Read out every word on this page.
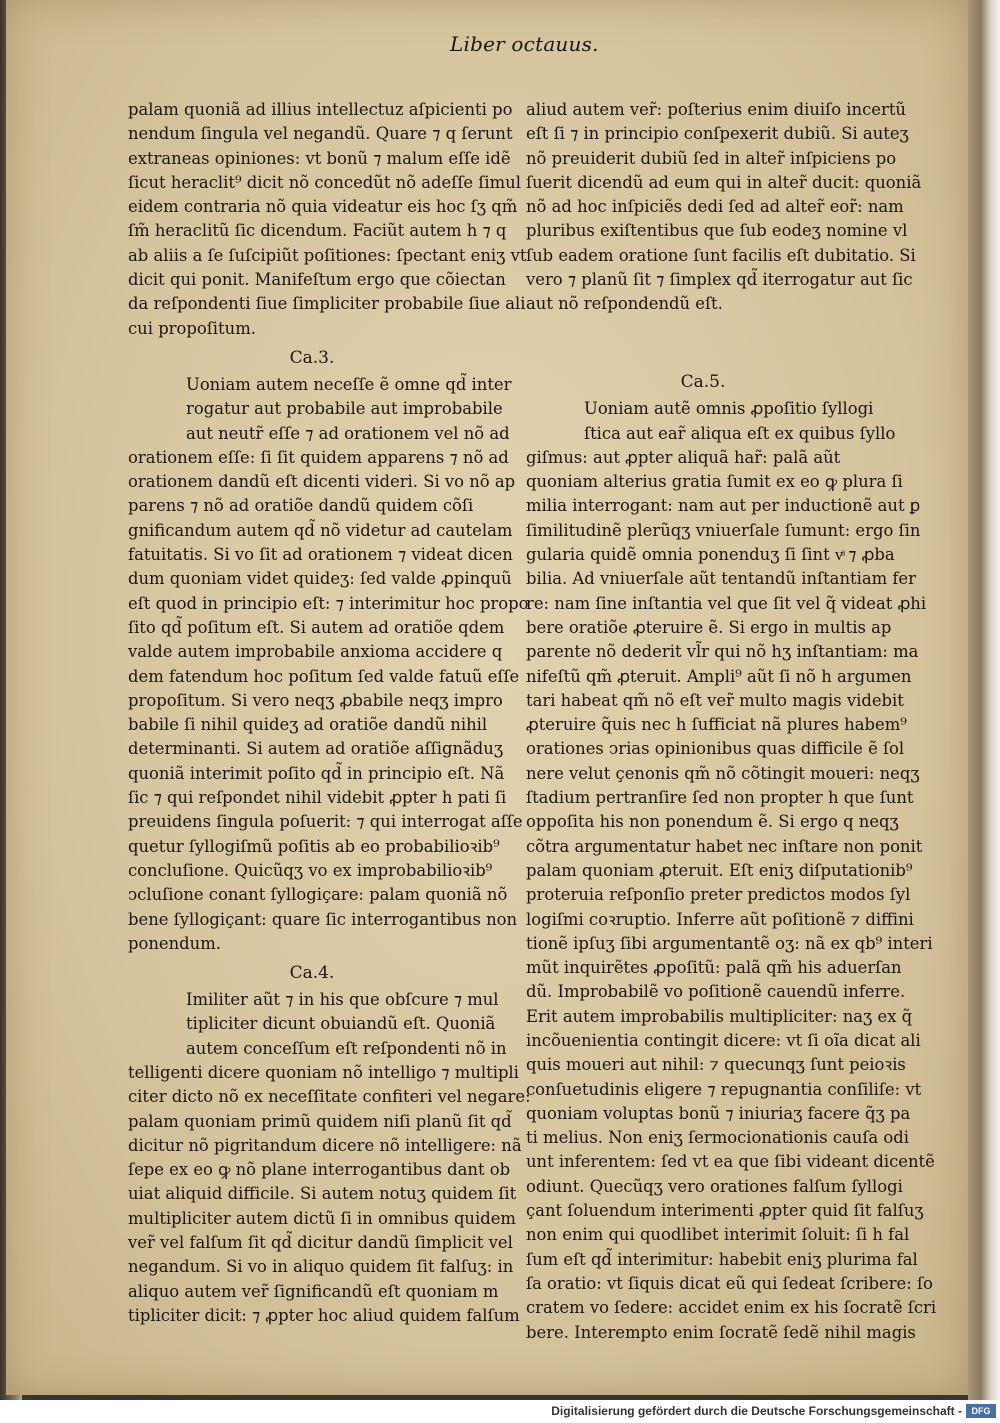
Liber octauus.
palam quoniã ad illius intellectuz aſpicienti po
nendum ſingula vel negandũ. Quare ⁊ q ſerunt
extraneas opiniones: vt bonũ ⁊ malum eſſe idẽ
ſicut heraclit⁹ dicit nõ concedũt nõ adeſſe ſimul
eidem contraria nõ quia videatur eis hoc ſʒ qm̃
ſm̃ heraclitũ ſic dicendum. Faciũt autem h ⁊ q
ab aliis a ſe ſuſcipiũt poſitiones: ſpectant eniʒ vt
dicit qui ponit. Manifeſtum ergo que cõiectan
da reſpondenti ſiue ſimpliciter probabile ſiue ali
cui propoſitum.
Ca.3.
Uoniam autem neceſſe ẽ omne qd̃ inter
rogatur aut probabile aut improbabile
aut neutr̃ eſſe ⁊ ad orationem vel nõ ad
orationem eſſe: ſi ſit quidem apparens ⁊ nõ ad
orationem dandũ eſt dicenti videri. Si vo nõ ap
parens ⁊ nõ ad oratiõe dandũ quidem cõſi
gnificandum autem qd̃ nõ videtur ad cautelam
fatuitatis. Si vo ſit ad orationem ⁊ videat dicen
dum quoniam videt quideʒ: ſed valde ꝓpinquũ
eſt quod in principio eſt: ⁊ interimitur hoc propo
ſito qd̃ poſitum eſt. Si autem ad oratiõe qdem
valde autem improbabile anxioma accidere q
dem fatendum hoc poſitum ſed valde fatuũ eſſe
propoſitum. Si vero neqʒ ꝓbabile neqʒ impro
babile ſi nihil quideʒ ad oratiõe dandũ nihil
determinanti. Si autem ad oratiõe aſſignãduʒ
quoniã interimit poſito qd̃ in principio eſt. Nã
ſic ⁊ qui reſpondet nihil videbit ꝓpter h pati ſi
preuidens ſingula poſuerit: ⁊ qui interrogat aſſe
quetur ſyllogiſmũ poſitis ab eo probabilioꝛib⁹
concluſione. Quicũqʒ vo ex improbabilioꝛib⁹
ↄcluſione conant ſyllogiçare: palam quoniã nõ
bene ſyllogiçant: quare ſic interrogantibus non
ponendum.
Ca.4.
Imiliter aũt ⁊ in his que obſcure ⁊ mul
tipliciter dicunt obuiandũ eſt. Quoniã
autem conceſſum eſt reſpondenti nõ in
telligenti dicere quoniam nõ intelligo ⁊ multipli
citer dicto nõ ex neceſſitate confiteri vel negare:
palam quoniam primũ quidem niſi planũ ſit qd̃
dicitur nõ pigritandum dicere nõ intelligere: nã
ſepe ex eo ꝙ nõ plane interrogantibus dant ob
uiat aliquid difficile. Si autem notuʒ quidem ſit
multipliciter autem dictũ ſi in omnibus quidem
ver̃ vel falſum ſit qd̃ dicitur dandũ ſimplicit vel
negandum. Si vo in aliquo quidem ſit falſuʒ: in
aliquo autem ver̃ ſignificandũ eſt quoniam m
tipliciter dicit: ⁊ ꝓpter hoc aliud quidem falſum
aliud autem ver̃: poſterius enim diuiſo incertũ
eſt ſi ⁊ in principio conſpexerit dubiũ. Si auteʒ
nõ preuiderit dubiũ ſed in alter̃ inſpiciens po
ſuerit dicendũ ad eum qui in alter̃ ducit: quoniã
nõ ad hoc inſpiciẽs dedi ſed ad alter̃ eor̃: nam
pluribus exiſtentibus que ſub eodeʒ nomine vl
ſub eadem oratione ſunt facilis eſt dubitatio. Si
vero ⁊ planũ ſit ⁊ ſimplex qd̃ iterrogatur aut ſic
aut nõ reſpondendũ eſt.
Ca.5.
Uoniam autẽ omnis ꝓpoſitio ſyllogi
ſtica aut ear̃ aliqua eſt ex quibus ſyllo
giſmus: aut ꝓpter aliquã har̃: palã aũt
quoniam alterius gratia ſumit ex eo ꝙ plura ſi
milia interrogant: nam aut per inductionẽ aut ꝑ
ſimilitudinẽ plerũqʒ vniuerſale ſumunt: ergo ſin
gularia quidẽ omnia ponenduʒ ſi ſint vͣ ⁊ ꝓba
bilia. Ad vniuerſale aũt tentandũ inſtantiam fer
re: nam ſine inſtantia vel que ſit vel q̃ videat ꝓhi
bere oratiõe ꝓteruire ẽ. Si ergo in multis ap
parente nõ dederit vl̃r qui nõ hʒ inſtantiam: ma
nifeſtũ qm̃ ꝓteruit. Ampli⁹ aũt ſi nõ h argumen
tari habeat qm̃ nõ eſt ver̃ multo magis videbit
ꝓteruire q̃uis nec h ſufficiat nã plures habem⁹
orationes ↄrias opinionibus quas difficile ẽ ſol
nere velut çenonis qm̃ nõ cõtingit moueri: neqʒ
ſtadium pertranſire ſed non propter h que ſunt
oppoſita his non ponendum ẽ. Si ergo q neqʒ
cõtra argumentatur habet nec inſtare non ponit
palam quoniam ꝓteruit. Eſt eniʒ diſputationib⁹
proteruia reſponſio preter predictos modos ſyl
logiſmi coꝛruptio. Inferre aũt poſitionẽ ⁊ diffini
tionẽ ipſuʒ ſibi argumentantẽ oʒ: nã ex qb⁹ interi
mũt inquirẽtes ꝓpoſitũ: palã qm̃ his aduerſan
dũ. Improbabilẽ vo poſitionẽ cauendũ inferre.
Erit autem improbabilis multipliciter: naʒ ex q̃
incõuenientia contingit dicere: vt ſi oĩa dicat ali
quis moueri aut nihil: ⁊ quecunqʒ ſunt peioꝛis
conſuetudinis eligere ⁊ repugnantia conſiliſe: vt
quoniam voluptas bonũ ⁊ iniuriaʒ facere q̃ʒ pa
ti melius. Non eniʒ ſermocionationis cauſa odi
unt inferentem: ſed vt ea que ſibi videant dicentẽ
odiunt. Quecũqʒ vero orationes falſum ſyllogi
çant ſoluendum interimenti ꝓpter quid ſit falſuʒ
non enim qui quodlibet interimit ſoluit: ſi h fal
ſum eſt qd̃ interimitur: habebit eniʒ plurima fal
ſa oratio: vt ſiquis dicat eũ qui ſedeat ſcribere: ſo
cratem vo ſedere: accidet enim ex his ſocratẽ ſcri
bere. Interempto enim ſocratẽ ſedẽ nihil magis
Digitalisierung gefördert durch die Deutsche Forschungsgemeinschaft -	DFG
